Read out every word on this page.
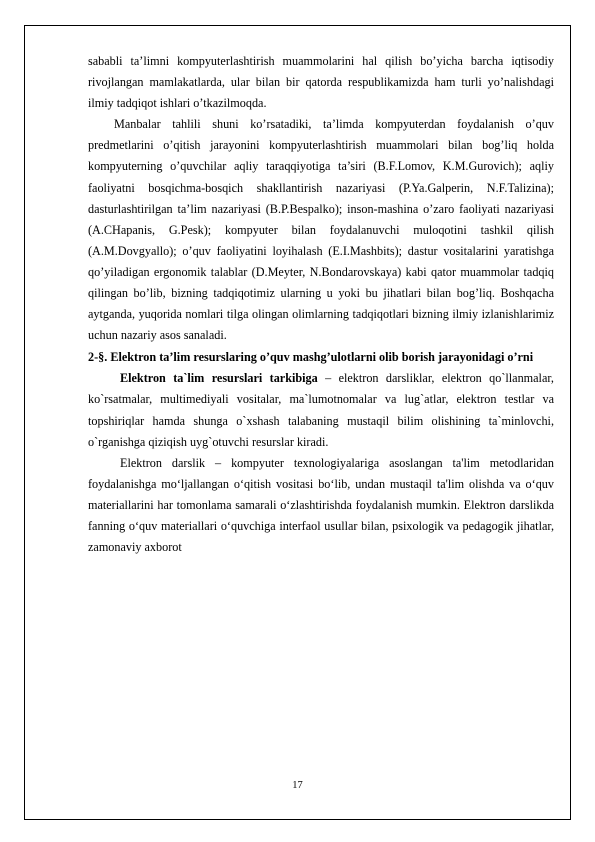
sababli ta’limni kompyuterlashtirish muammolarini hal qilish bo’yicha barcha iqtisodiy rivojlangan mamlakatlarda, ular bilan bir qatorda respublikamizda ham turli yo’nalishdagi ilmiy tadqiqot ishlari o’tkazilmoqda.

Manbalar tahlili shuni ko’rsatadiki, ta’limda kompyuterdan foydalanish o’quv predmetlarini o’qitish jarayonini kompyuterlashtirish muammolari bilan bog’liq holda kompyuterning o’quvchilar aqliy taraqqiyotiga ta’siri (B.F.Lomov, K.M.Gurovich); aqliy faoliyatni bosqichma-bosqich shakllantirish nazariyasi (P.Ya.Galperin, N.F.Talizina); dasturlashtirilgan ta’lim nazariyasi (B.P.Bespalko); inson-mashina o’zaro faoliyati nazariyasi (A.CHapanis, G.Pesk); kompyuter bilan foydalanuvchi muloqotini tashkil qilish (A.M.Dovgyallo); o’quv faoliyatini loyihalash (E.I.Mashbits); dastur vositalarini yaratishga qo’yiladigan ergonomik talablar (D.Meyter, N.Bondarovskaya) kabi qator muammolar tadqiq qilingan bo’lib, bizning tadqiqotimiz ularning u yoki bu jihatlari bilan bog’liq. Boshqacha aytganda, yuqorida nomlari tilga olingan olimlarning tadqiqotlari bizning ilmiy izlanishlarimiz uchun nazariy asos sanaladi.

2-§. Elektron ta’lim resurslaring o’quv mashg’ulotlarni olib borish jarayonidagi o’rni

Elektron ta`lim resurslari tarkibiga – elektron darsliklar, elektron qo`llanmalar, ko`rsatmalar, multimediyali vositalar, ma`lumotnomalar va lug`atlar, elektron testlar va topshiriqlar hamda shunga o`xshash talabaning mustaqil bilim olishining ta`minlovchi, o`rganishga qiziqish uyg`otuvchi resurslar kiradi.

Elektron darslik – kompyuter texnologiyalariga asoslangan ta'lim metodlaridan foydalanishga mo‘ljallangan o‘qitish vositasi bo‘lib, undan mustaqil ta'lim olishda va o‘quv materiallarini har tomonlama samarali o‘zlashtirishda foydalanish mumkin. Elektron darslikda fanning o‘quv materiallari o‘quvchiga interfaol usullar bilan, psixologik va pedagogik jihatlar, zamonaviy axborot

17
